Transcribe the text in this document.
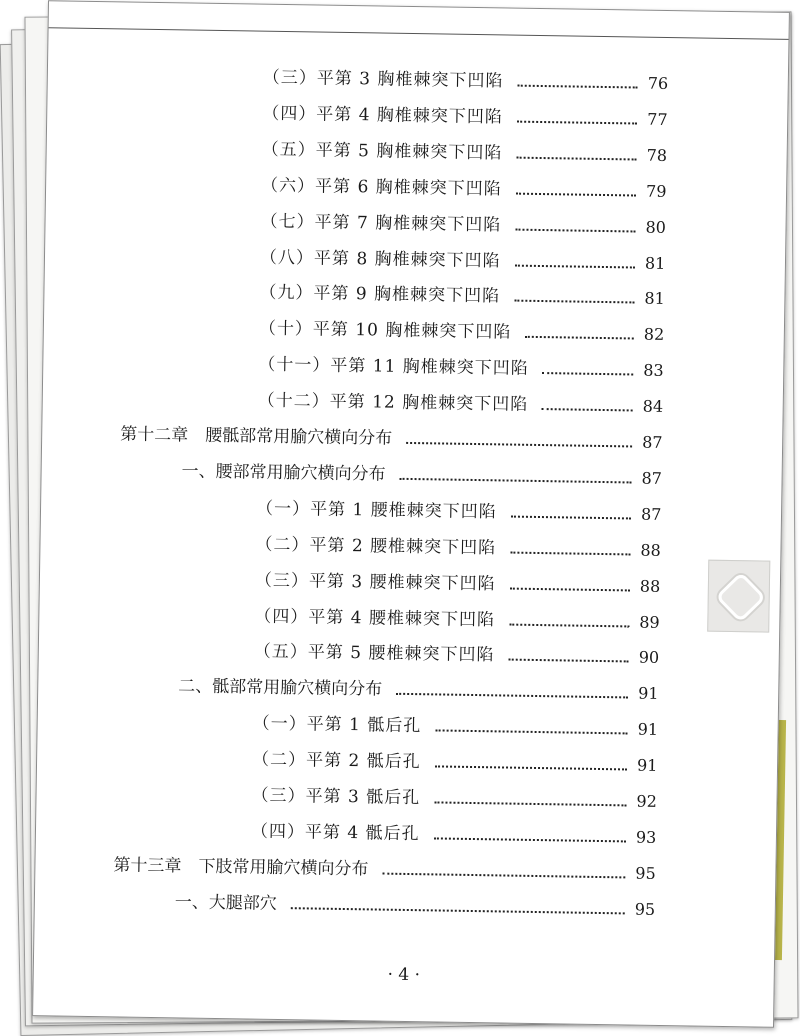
（三）平第 3 胸椎棘突下凹陷	76
（四）平第 4 胸椎棘突下凹陷	77
（五）平第 5 胸椎棘突下凹陷	78
（六）平第 6 胸椎棘突下凹陷	79
（七）平第 7 胸椎棘突下凹陷	80
（八）平第 8 胸椎棘突下凹陷	81
（九）平第 9 胸椎棘突下凹陷	81
（十）平第 10 胸椎棘突下凹陷	82
（十一）平第 11 胸椎棘突下凹陷	83
（十二）平第 12 胸椎棘突下凹陷	84
第十二章　腰骶部常用腧穴横向分布	87
一、腰部常用腧穴横向分布	87
（一）平第 1 腰椎棘突下凹陷	87
（二）平第 2 腰椎棘突下凹陷	88
（三）平第 3 腰椎棘突下凹陷	88
（四）平第 4 腰椎棘突下凹陷	89
（五）平第 5 腰椎棘突下凹陷	90
二、骶部常用腧穴横向分布	91
（一）平第 1 骶后孔	91
（二）平第 2 骶后孔	91
（三）平第 3 骶后孔	92
（四）平第 4 骶后孔	93
第十三章　下肢常用腧穴横向分布	95
一、大腿部穴	95
· 4 ·
